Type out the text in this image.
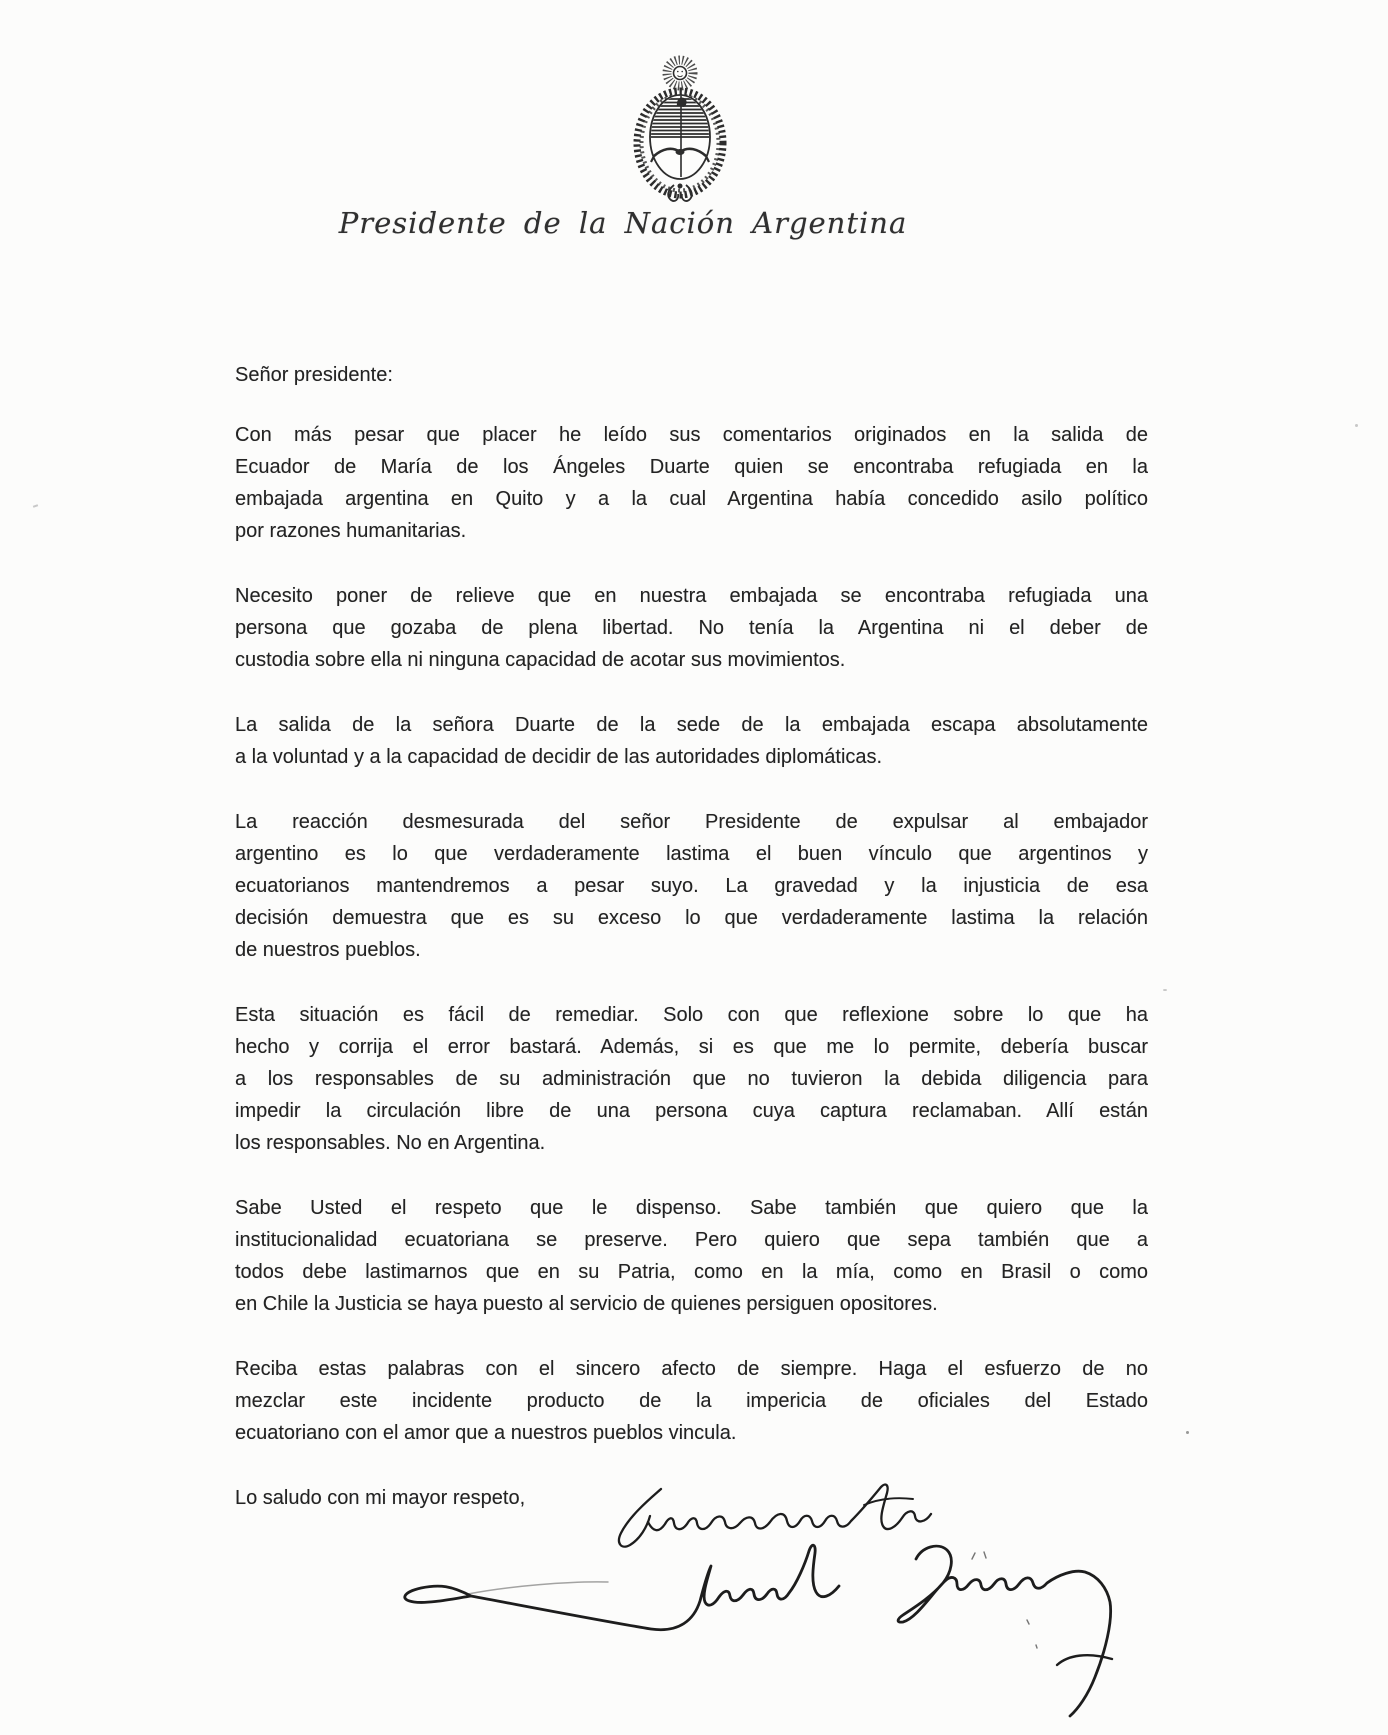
Presidente de la Nación Argentina
Señor presidente:
Con más pesar que placer he leído sus comentarios originados en la salida de
Ecuador de María de los Ángeles Duarte quien se encontraba refugiada en la
embajada argentina en Quito y a la cual Argentina había concedido asilo político
por razones humanitarias.
Necesito poner de relieve que en nuestra embajada se encontraba refugiada una
persona que gozaba de plena libertad. No tenía la Argentina ni el deber de
custodia sobre ella ni ninguna capacidad de acotar sus movimientos.
La salida de la señora Duarte de la sede de la embajada escapa absolutamente
a la voluntad y a la capacidad de decidir de las autoridades diplomáticas.
La reacción desmesurada del señor Presidente de expulsar al embajador
argentino es lo que verdaderamente lastima el buen vínculo que argentinos y
ecuatorianos mantendremos a pesar suyo. La gravedad y la injusticia de esa
decisión demuestra que es su exceso lo que verdaderamente lastima la relación
de nuestros pueblos.
Esta situación es fácil de remediar. Solo con que reflexione sobre lo que ha
hecho y corrija el error bastará. Además, si es que me lo permite, debería buscar
a los responsables de su administración que no tuvieron la debida diligencia para
impedir la circulación libre de una persona cuya captura reclamaban. Allí están
los responsables. No en Argentina.
Sabe Usted el respeto que le dispenso. Sabe también que quiero que la
institucionalidad ecuatoriana se preserve. Pero quiero que sepa también que a
todos debe lastimarnos que en su Patria, como en la mía, como en Brasil o como
en Chile la Justicia se haya puesto al servicio de quienes persiguen opositores.
Reciba estas palabras con el sincero afecto de siempre. Haga el esfuerzo de no
mezclar este incidente producto de la impericia de oficiales del Estado
ecuatoriano con el amor que a nuestros pueblos vincula.
Lo saludo con mi mayor respeto,
